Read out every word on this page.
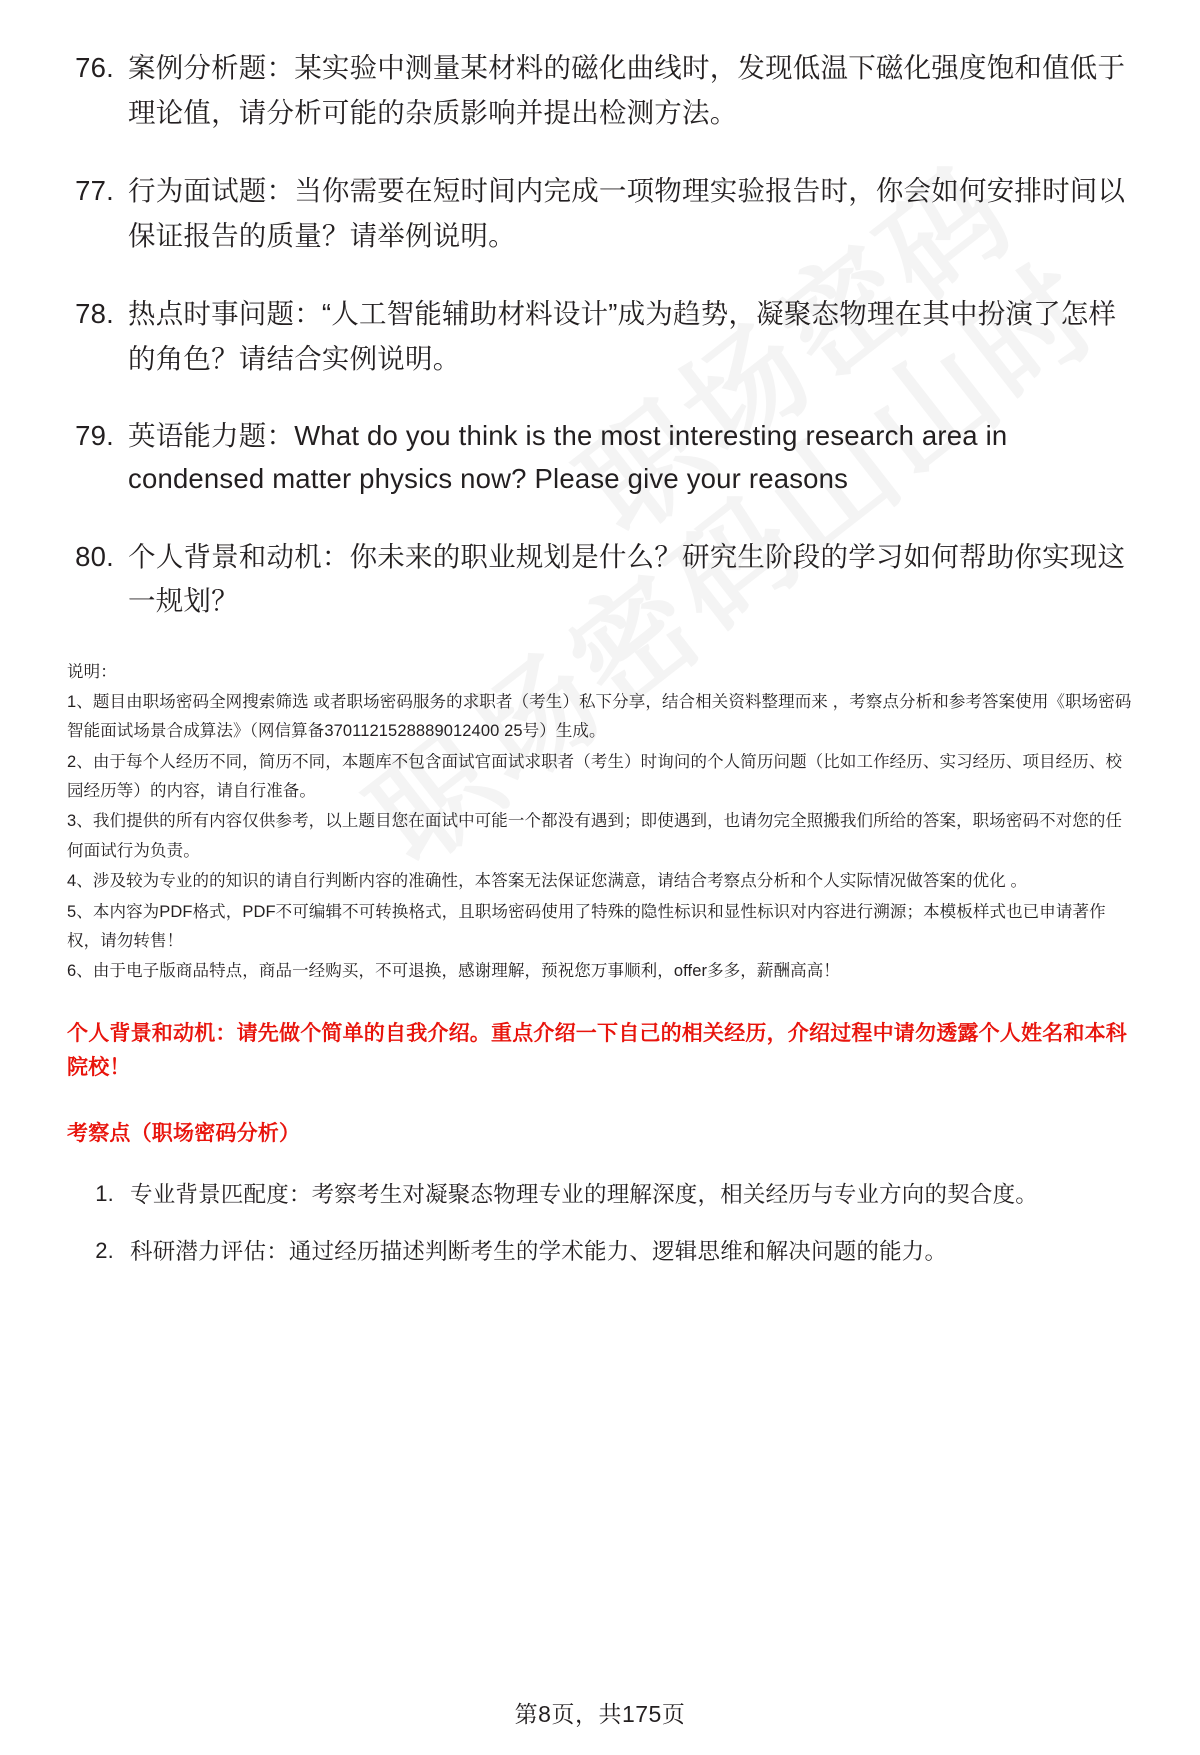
76. 案例分析题：某实验中测量某材料的磁化曲线时，发现低温下磁化强度饱和值低于理论值，请分析可能的杂质影响并提出检测方法。
77. 行为面试题：当你需要在短时间内完成一项物理实验报告时，你会如何安排时间以保证报告的质量？请举例说明。
78. 热点时事问题：“人工智能辅助材料设计”成为趋势，凝聚态物理在其中扮演了怎样的角色？请结合实例说明。
79. 英语能力题：What do you think is the most interesting research area in condensed matter physics now? Please give your reasons
80. 个人背景和动机：你未来的职业规划是什么？研究生阶段的学习如何帮助你实现这一规划？

说明：

1、题目由职场密码全网搜索筛选 或者职场密码服务的求职者（考生）私下分享，结合相关资料整理而来 ，考察点分析和参考答案使用《职场密码智能面试场景合成算法》（网信算备3701121528889012400 25号）生成。

2、由于每个人经历不同，简历不同，本题库不包含面试官面试求职者（考生）时询问的个人简历问题（比如工作经历、实习经历、项目经历、校园经历等）的内容，请自行准备。

3、我们提供的所有内容仅供参考，以上题目您在面试中可能一个都没有遇到；即使遇到，也请勿完全照搬我们所给的答案，职场密码不对您的任何面试行为负责。

4、涉及较为专业的的知识的请自行判断内容的准确性，本答案无法保证您满意，请结合考察点分析和个人实际情况做答案的优化 。

5、本内容为PDF格式，PDF不可编辑不可转换格式，且职场密码使用了特殊的隐性标识和显性标识对内容进行溯源；本模板样式也已申请著作权，请勿转售！

6、由于电子版商品特点，商品一经购买，不可退换，感谢理解，预祝您万事顺利，offer多多，薪酬高高！

个人背景和动机：请先做个简单的自我介绍。重点介绍一下自己的相关经历，介绍过程中请勿透露个人姓名和本科院校！

考察点（职场密码分析）

1. 专业背景匹配度：考察考生对凝聚态物理专业的理解深度，相关经历与专业方向的契合度。
2. 科研潜力评估：通过经历描述判断考生的学术能力、逻辑思维和解决问题的能力。
第8页，共175页
